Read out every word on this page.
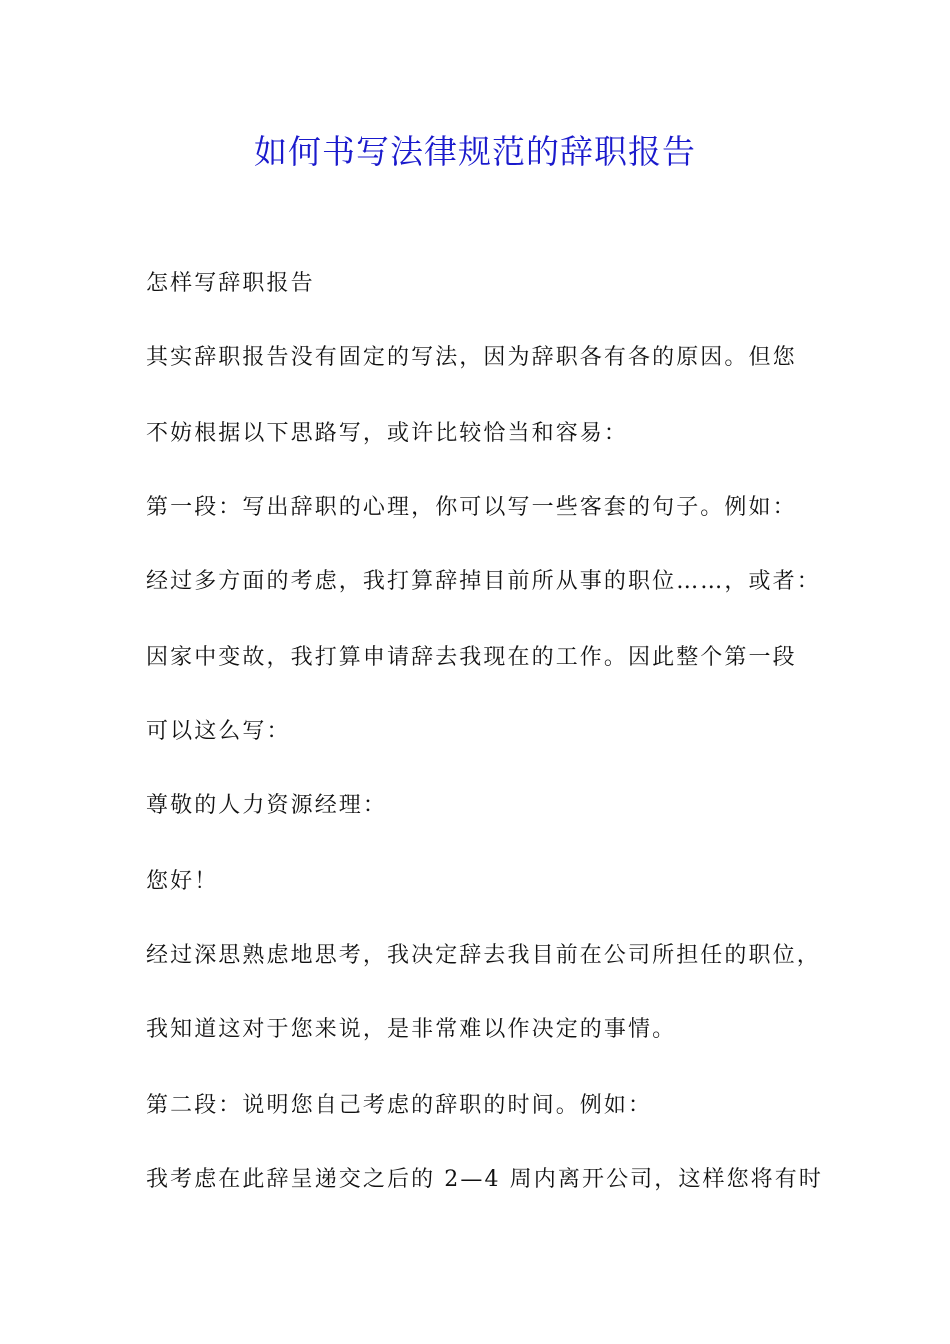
如何书写法律规范的辞职报告

怎样写辞职报告

其实辞职报告没有固定的写法，因为辞职各有各的原因。但您

不妨根据以下思路写，或许比较恰当和容易：

第一段：写出辞职的心理，你可以写一些客套的句子。例如：

经过多方面的考虑，我打算辞掉目前所从事的职位……，或者：

因家中变故，我打算申请辞去我现在的工作。因此整个第一段

可以这么写：

尊敬的人力资源经理：

您好！

经过深思熟虑地思考，我决定辞去我目前在公司所担任的职位，

我知道这对于您来说，是非常难以作决定的事情。

第二段：说明您自己考虑的辞职的时间。例如：

我考虑在此辞呈递交之后的 2—4 周内离开公司，这样您将有时
